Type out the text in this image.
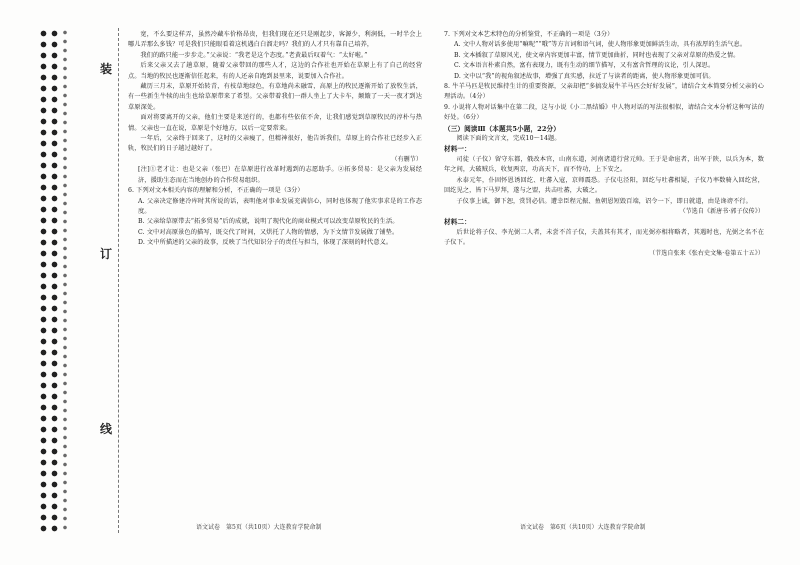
装
订
线

宽，不么要这样弄，虽然冷藏车价格昂贵，但我们现在还只是刚起步，客源少，利润低，一时半会上哪儿弄那么多钱？可是我们只能眼看着这机遇白白溜走吗？我们的人才只有靠自己培养，

我们的路只能一步步走。”父亲说：“我老是这个态度。”老黄最后叹着气：“太好啦。”

后来父亲又去了趟草原，随着父亲带回的那些人才，这边的合作社也开始在草原上有了自己的经营点。当地的牧民也逐渐信任起来，有的人还亲自跑到县里来，说要加入合作社。

藏历三月末，草原开始转青，有枝草地绿色，有草地尚未融雪，高原上的牧民逐渐开始了放牧生活，有一些新生牛犊的出生也给草原带来了希望。父亲带着我们一群人坐上了大卡车，颠簸了一天一夜才到达草原深处。

面对将要离开的父亲，他们主要是来送行的，也都有些依依不舍，让我们感觉到草原牧民的淳朴与热情。父亲也一直在说，草原是个好地方，以后一定要常来。

一年后，父亲终于回来了，这时的父亲瘦了，但精神很好，他告诉我们，草原上的合作社已经步入正轨，牧民们的日子越过越好了。

（有删节）

[注]①老才让：也是父亲（张巴）在草原进行改革时遇到的志愿助手。②拓多贸易：是父亲为发展经济，援助生态而在当地创办的合作贸易组织。

6. 下列对文本相关内容的理解和分析，不正确的一项是（3分）

A. 父亲决定修建冷库时其所说的话，表明他对事业发展充满信心，同时也体现了他实事求是的工作态度。

B. 父亲给草原带去“拓多贸易”后的成就，说明了现代化的商业模式可以改变草原牧民的生活。

C. 文中对高原景色的描写，既交代了时间，又烘托了人物的情感，为下文情节发展做了铺垫。

D. 文中所描述的父亲的故事，反映了当代知识分子的责任与担当，体现了深刻的时代意义。

7. 下列对文本艺术特色的分析鉴赏，不正确的一项是（3分）

A. 文中人物对话多使用“嘛呢”“哦”等方言词和语气词，使人物形象更加鲜活生动，具有浓厚的生活气息。

B. 文本插叙了草原风光，使文章内容更加丰富，情节更加曲折，同时也表现了父亲对草原的热爱之情。

C. 文本语言朴素自然，富有表现力，既有生动的细节描写，又有富含哲理的议论，引人深思。

D. 文中以“我”的视角叙述故事，增强了真实感，拉近了与读者的距离，使人物形象更加可信。

8. 牛羊马匹是牧民维持生计的重要资源，父亲却把“多搞发展牛羊马匹会好好发展”，请结合文本简要分析父亲的心理活动。（4分）

9. 小说将人物对话集中在第二段，这与小说《小二黑结婚》中人物对话的写法很相似，请结合文本分析这种写法的好处。（6分）

（三）阅读Ⅲ（本题共5小题，22分）

阅读下面的文言文，完成10～14题。

材料一：

司徒（子仪）留守东都，俄改本官，山南东道，河南诸道行营元帅。王于是命宦者，出军于陕，以兵为本，数年之间，大破贼兵，收复两京，功高天下，而不恃功，上下安之。

永泰元年，仆固怀恩诱回纥、吐蕃入寇，京师震恐。子仪屯泾阳，回纥与吐蕃相疑，子仪乃率数骑入回纥营，回纥见之，皆下马罗拜，遂与之盟，共击吐蕃，大破之。

子仪事上诚，御下恕，赏罚必信。遭幸臣程元振、鱼朝恩短毁百端，诏令一下，即日就道，由是谗谤不行。

（节选自《新唐书·郭子仪传》）

材料二：

后世论将子仪、李光弼二人者，未尝不首子仪，夫盖其有其才，而光弼亦相将略者，其遇时也，光弼之名不在子仪下。

（节选自张来《张右史文集·卷第五十五》）

语文试卷　第5页（共10页）大连教育学院命制	语文试卷　第6页（共10页）大连教育学院命制
